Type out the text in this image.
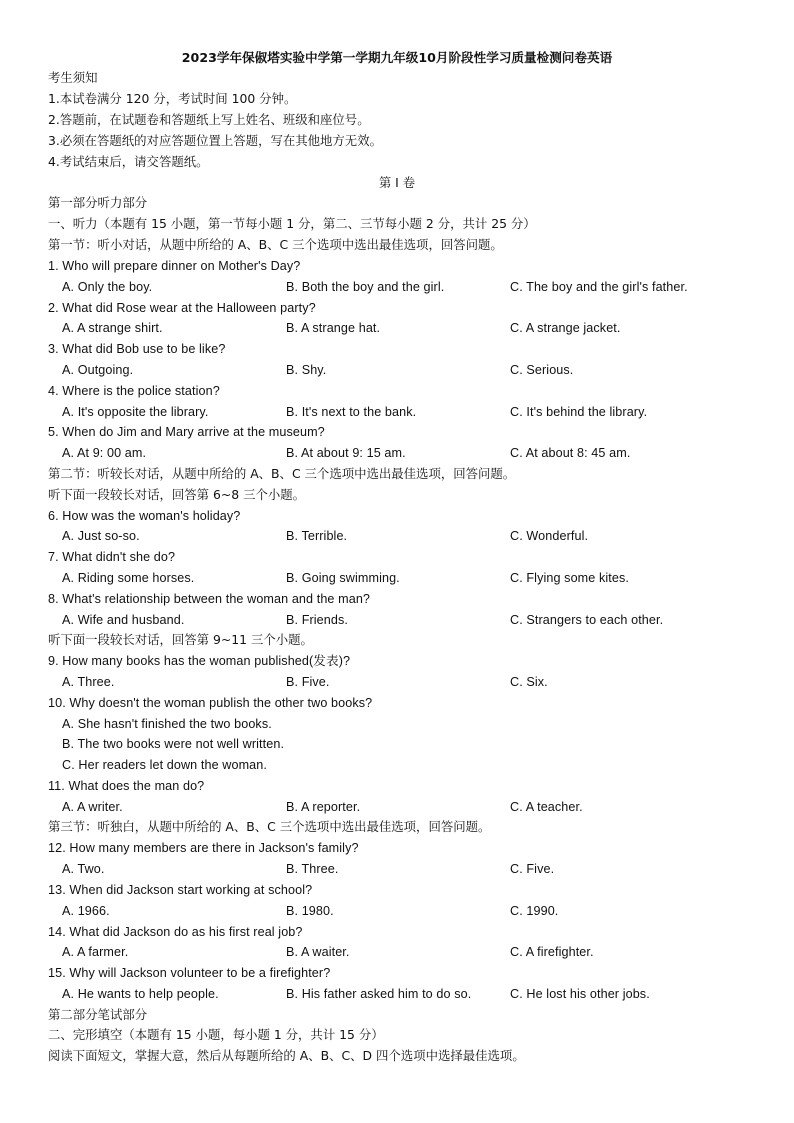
2023学年保俶塔实验中学第一学期九年级10月阶段性学习质量检测问卷英语
考生须知
1.本试卷满分 120 分，考试时间 100 分钟。
2.答题前，在试题卷和答题纸上写上姓名、班级和座位号。
3.必须在答题纸的对应答题位置上答题，写在其他地方无效。
4.考试结束后，请交答题纸。
第 I 卷
第一部分听力部分
一、听力（本题有 15 小题，第一节每小题 1 分，第二、三节每小题 2 分，共计 25 分）
第一节：听小对话，从题中所给的 A、B、C 三个选项中选出最佳选项，回答问题。
1. Who will prepare dinner on Mother's Day?
A. Only the boy.	B. Both the boy and the girl.	C. The boy and the girl's father.
2. What did Rose wear at the Halloween party?
A. A strange shirt.	B. A strange hat.	C. A strange jacket.
3. What did Bob use to be like?
A. Outgoing.	B. Shy.	C. Serious.
4. Where is the police station?
A. It's opposite the library.	B. It's next to the bank.	C. It's behind the library.
5. When do Jim and Mary arrive at the museum?
A. At 9: 00 am.	B. At about 9: 15 am.	C. At about 8: 45 am.
第二节：听较长对话，从题中所给的 A、B、C 三个选项中选出最佳选项，回答问题。
听下面一段较长对话，回答第 6~8 三个小题。
6. How was the woman's holiday?
A. Just so-so.	B. Terrible.	C. Wonderful.
7. What didn't she do?
A. Riding some horses.	B. Going swimming.	C. Flying some kites.
8. What's relationship between the woman and the man?
A. Wife and husband.	B. Friends.	C. Strangers to each other.
听下面一段较长对话，回答第 9~11 三个小题。
9. How many books has the woman published(发表)?
A. Three.	B. Five.	C. Six.
10. Why doesn't the woman publish the other two books?
A. She hasn't finished the two books.
B. The two books were not well written.
C. Her readers let down the woman.
11. What does the man do?
A. A writer.	B. A reporter.	C. A teacher.
第三节：听独白，从题中所给的 A、B、C 三个选项中选出最佳选项，回答问题。
12. How many members are there in Jackson's family?
A. Two.	B. Three.	C. Five.
13. When did Jackson start working at school?
A. 1966.	B. 1980.	C. 1990.
14. What did Jackson do as his first real job?
A. A farmer.	B. A waiter.	C. A firefighter.
15. Why will Jackson volunteer to be a firefighter?
A. He wants to help people.	B. His father asked him to do so.	C. He lost his other jobs.
第二部分笔试部分
二、完形填空（本题有 15 小题，每小题 1 分，共计 15 分）
阅读下面短文，掌握大意，然后从每题所给的 A、B、C、D 四个选项中选择最佳选项。
